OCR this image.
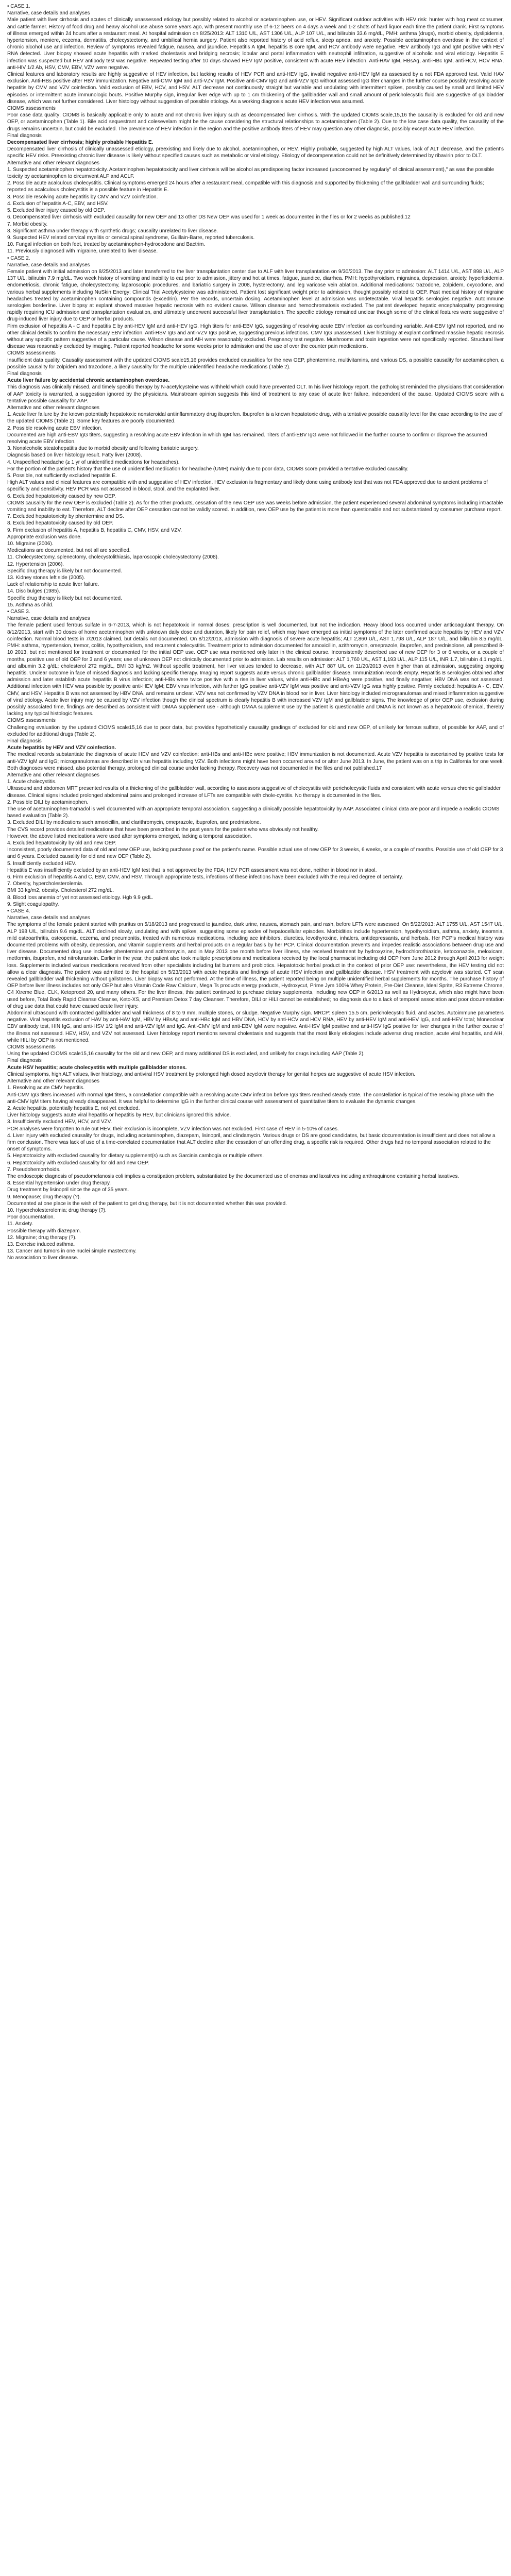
• CASE 1.

Narrative, case details and analyses

Male patient with liver cirrhosis and acutes of clinically unassessed etiology but possibly related to alcohol or acetaminophen use, or HEV. Significant outdoor activities with HEV risk: hunter with hog meat consumer, and cattle farmer. History of food drug and heavy alcohol use abuse some years ago, with present monthly use of 6-12 beers on 4 days a week and 1-2 shots of hard liquor each time the patient drank. First symptoms of illness emerged within 24 hours after a restaurant meal. At hospital admission on 8/25/2013: ALT 1310 U/L, AST 1306 U/L, ALP 107 U/L, and bilirubin 33.6 mg/dL, PMH: asthma (drugs), morbid obesity, dyslipidemia, hypertension, meniere, eczema, dermatitis, cholecystectomy, and umbilical hernia surgery. Patient also reported history of acid reflux, sleep apnea, and anxiety. Possible acetaminophen overdose in the context of chronic alcohol use and infection. Review of symptoms revealed fatigue, nausea, and jaundice. Hepatitis A IgM, hepatitis B core IgM, and HCV antibody were negative. HEV antibody IgG and IgM positive with HEV RNA detected. Liver biopsy showed acute hepatitis with marked cholestasis and bridging necrosis; lobular and portal inflammation with neutrophil infiltration, suggestive of alcoholic and viral etiology. Hepatitis E infection was suspected but HEV antibody test was negative. Repeated testing after 10 days showed HEV IgM positive, consistent with acute HEV infection. Anti-HAV IgM, HBsAg, anti-HBc IgM, anti-HCV, HCV RNA, anti-HIV 1/2 Ab, HSV, CMV, EBV, VZV were negative.

Clinical features and laboratory results are highly suggestive of HEV infection, but lacking results of HEV PCR and anti-HEV IgG, invalid negative anti-HEV IgM as assessed by a not FDA approved test. Valid HAV exclusion. Anti-HBs positive after HBV immunization. Negative anti-CMV IgM and anti-VZV IgM. Positive anti-CMV IgG and anti-VZV IgG without assessed IgG titer changes in the further course possibly resolving acute hepatitis by CMV and VZV coinfection. Valid exclusion of EBV, HCV, and HSV. ALT decrease not continuously straight but variable and undulating with intermittent spikes, possibly caused by small and limited HEV episodes or intermittent acute immunologic bouts. Positive Murphy sign, irregular liver edge with up to 1 cm thickening of the gallbladder wall and small amount of pericholecystic fluid are suggestive of gallbladder disease, which was not further considered. Liver histology without suggestion of possible etiology. As a working diagnosis acute HEV infection was assumed.

CIOMS assessments

Poor case data quality; CIOMS is basically applicable only to acute and not chronic liver injury such as decompensated liver cirrhosis. With the updated CIOMS scale,15,16 the causality is excluded for old and new OEP, or acetaminophen (Table 1). Bile acid sequestrant and colesevelam might be the cause considering the structural relationships to acetaminophen (Table 2). Due to the low case data quality, the causality of the drugs remains uncertain, but could be excluded. The prevalence of HEV infection in the region and the positive antibody titers of HEV may question any other diagnosis, possibly except acute HEV infection.

Final diagnosis

Decompensated liver cirrhosis; highly probable Hepatitis E.

Decompensated liver cirrhosis of clinically unassessed etiology, preexisting and likely due to alcohol, acetaminophen, or HEV. Highly probable, suggested by high ALT values, lack of ALT decrease, and the patient's specific HEV risks. Preexisting chronic liver disease is likely without specified causes such as metabolic or viral etiology. Etiology of decompensation could not be definitively determined by ribavirin prior to DLT.

Alternative and other relevant diagnoses

1. Suspected acetaminophen hepatotoxicity. Acetaminophen hepatotoxicity and liver cirrhosis will be alcohol as predisposing factor increased (unconcerned by regularly" of clinical assessment)," as was the possible toxicity by acetaminophen to circumvent ALF and ACLF.

2. Possible acute acalculous cholecystitis. Clinical symptoms emerged 24 hours after a restaurant meal, compatible with this diagnosis and supported by thickening of the gallbladder wall and surrounding fluids; reported as acalculous cholecystitis is a possible feature in Hepatitis E.

3. Possible resolving acute hepatitis by CMV and VZV coinfection.

4. Exclusion of hepatitis A-C, EBV, and HSV.

5. Excluded liver injury caused by old OEP.

6. Decompensated liver cirrhosis with excluded causality for new OEP and 13 other DS New OEP was used for 1 week as documented in the files or for 2 weeks as published.12

7. Morbid obesity.

8. Significant asthma under therapy with synthetic drugs; causality unrelated to liver disease.

9. Suspected HEV related cervical myelitis or cervical spinal syndrome, Guillain-Barre, reported tuberculosis.

10. Fungal infection on both feet, treated by acetaminophen-hydrocodone and Bactrim.

11. Previously diagnosed with migraine, unrelated to liver disease.

• CASE 2.

Narrative, case details and analyses

Female patient with initial admission on 8/25/2013 and later transferred to the liver transplantation center due to ALF with liver transplantation on 9/30/2013. The day prior to admission: ALT 1414 U/L, AST 898 U/L, ALP 137 U/L, bilirubin 7.9 mg/dL. Two week history of vomiting and inability to eat prior to admission, jittery and hot at times, fatigue, jaundice, diarrhea. PMH: hypothyroidism, migraines, depression, anxiety, hyperlipidemia, endometriosis, chronic fatigue, cholecystectomy, laparoscopic procedures, and bariatric surgery in 2008, hysterectomy, and leg varicose vein ablation. Additional medications: trazodone, zolpidem, oxycodone, and various herbal supplements including NuSkin Energy; Clinical Trial Acetylcysteine was administered. Patient lost significant weight prior to admission, thought possibly related to OEP. Past medical history of migraine headaches treated by acetaminophen containing compounds (Excedrin). Per the records, uncertain dosing. Acetaminophen level at admission was undetectable. Viral hepatitis serologies negative. Autoimmune serologies borderline. Liver biopsy at explant showed massive hepatic necrosis with no evident cause. Wilson disease and hemochromatosis excluded. The patient developed hepatic encephalopathy progressing rapidly requiring ICU admission and transplantation evaluation, and ultimately underwent successful liver transplantation. The specific etiology remained unclear though some of the clinical features were suggestive of drug-induced liver injury due to OEP or herbal products.

Firm exclusion of hepatitis A - C and hepatitis E by anti-HEV IgM and anti-HEV IgG. High titers for anti-EBV IgG, suggesting of resolving acute EBV infection as confounding variable. Anti-EBV IgM not reported, and no other clinical details to confirm the necessary EBV infection. Anti-HSV IgG and anti-VZV IgG positive, suggesting previous infections. CMV IgG unassessed. Liver histology at explant confirmed massive hepatic necrosis without any specific pattern suggestive of a particular cause. Wilson disease and AIH were reasonably excluded. Pregnancy test negative. Mushrooms and toxin ingestion were not specifically reported. Structural liver disease was reasonably excluded by imaging. Patient reported headache for some weeks prior to admission and the use of over the counter pain medications.

CIOMS assessments

Insufficient data quality. Causality assessment with the updated CIOMS scale15,16 provides excluded causalities for the new OEP, phentermine, multivitamins, and various DS, a possible causality for acetaminophen, a possible causality for zolpidem and trazodone, a likely causality for the multiple unidentified headache medications (Table 2).

Final diagnosis

Acute liver failure by accidental chronic acetaminophen overdose.

This diagnosis was clinically missed, and timely specific therapy by N-acetylcysteine was withheld which could have prevented OLT. In his liver histology report, the pathologist reminded the physicians that consideration of AAP toxicity is warranted, a suggestion ignored by the physicians. Mainstream opinion suggests this kind of treatment to any case of acute liver failure, independent of the cause. Updated CIOMS score with a tentative possible causality for AAP.

Alternative and other relevant diagnoses

1. Acute liver failure by the known potentially hepatotoxic nonsteroidal antiinflammatory drug ibuprofen. Ibuprofen is a known hepatotoxic drug, with a tentative possible causality level for the case according to the use of the updated CIOMS (Table 2). Some key features are poorly documented.

2. Possible resolving acute EBV infection.

Documented are high anti-EBV IgG titers, suggesting a resolving acute EBV infection in which IgM has remained. Titers of anti-EBV IgG were not followed in the further course to confirm or disprove the assumed resolving acute EBV infection.

3. Nonalcoholic steatohepatitis due to morbid obesity and following bariatric surgery.

Diagnosis based on liver histology result. Fatty liver (2008).

4. Unspecified headache (≥ 1 yr of unidentified medications for headaches).

For the portion of the patient's history that the use of unidentified medication for headache (UMH) mainly due to poor data, CIOMS score provided a tentative excluded causality.

5. Possible, not sufficiently excluded hepatitis E.

High ALT values and clinical features are compatible with and suggestive of HEV infection. HEV exclusion is fragmentary and likely done using antibody test that was not FDA approved due to ancient problems of specificity and sensitivity. HEV PCR was not assessed in blood, stool, and the explanted liver.

6. Excluded hepatotoxicity caused by new OEP.

CIOMS causality for the new OEP is excluded (Table 2). As for the other products, cessation of the new OEP use was weeks before admission, the patient experienced several abdominal symptoms including intractable vomiting and inability to eat. Therefore, ALT decline after OEP cessation cannot be validly scored. In addition, new OEP use by the patient is more than questionable and not substantiated by consumer purchase report.

7. Excluded hepatotoxicity by phentermine and DS.

8. Excluded hepatotoxicity caused by old OEP.

9. Firm exclusion of hepatitis A, hepatitis B, hepatitis C, CMV, HSV, and VZV.

Appropriate exclusion was done.

10. Migraine (2006).

Medications are documented, but not all are specified.

11. Cholecystectomy, splenectomy, cholecystolithiasis, laparoscopic cholecystectomy (2008).

12. Hypertension (2006).

Specific drug therapy is likely but not documented.

13. Kidney stones left side (2005).

Lack of relationship to acute liver failure.

14. Disc bulges (1985).

Specific drug therapy is likely but not documented.

15. Asthma as child.

• CASE 3.

Narrative, case details and analyses

The female patient used ferrous sulfate in 6-7-2013, which is not hepatotoxic in normal doses; prescription is well documented, but not the indication. Heavy blood loss occurred under anticoagulant therapy. On 8/12/2013, start with 30 doses of home acetaminophen with unknown daily dose and duration, likely for pain relief, which may have emerged as initial symptoms of the later confirmed acute hepatitis by HEV and VZV coinfection. Normal blood tests in 7/2013 claimed, but details not documented. On 8/12/2013, admission with diagnosis of severe acute hepatitis; ALT 2,860 U/L, AST 1,798 U/L, ALP 187 U/L, and bilirubin 8.5 mg/dL. PMH: asthma, hypertension, tremor, colitis, hypothyroidism, and recurrent cholecystitis. Treatment prior to admission documented for amoxicillin, azithromycin, omeprazole, ibuprofen, and prednisolone, all prescribed 8-10 2013, but not mentioned for treatment or documented for the initial OEP use. OEP use was mentioned only later in the clinical course. Inconsistently described use of new OEP for 3 or 6 weeks, or a couple of months, positive use of old OEP for 3 and 6 years; use of unknown OEP not clinically documented prior to admission. Lab results on admission: ALT 1,760 U/L, AST 1,193 U/L, ALP 115 U/L, INR 1.7, bilirubin 4.1 mg/dL, and albumin 3.2 g/dL; cholesterol 272 mg/dL, BMI 33 kg/m2. Without specific treatment, her liver values tended to decrease, with ALT 887 U/L on 11/20/2013 even higher than at admission, suggesting ongoing hepatitis. Unclear outcome in face of missed diagnosis and lacking specific therapy. Imaging report suggests acute versus chronic gallbladder disease. Immunization records empty. Hepatitis B serologies obtained after admission and later establish acute hepatitis B virus infection; anti-HBs were twice positive with a rise in liver values, while anti-HBc and HBeAg were positive, and finally negative; HBV DNA was not assessed. Additional infection with HEV was possible by positive anti-HEV IgM; EBV virus infection, with further IgG positive anti-VZV IgM was positive and anti-VZV IgG was highly positive. Firmly excluded: hepatitis A - C, EBV, CMV, and HSV. Hepatitis B was not assessed by HBV DNA, and remains unclear. VZV was not confirmed by VZV DNA in blood nor in liver. Liver histology included microgranulomas and mixed inflammation suggestive of viral etiology. Acute liver injury may be caused by VZV infection though the clinical spectrum is clearly hepatitis B with increased VZV IgM and gallbladder signs. The knowledge of prior OEP use, exclusion during possibly associated time, findings are described as consistent with DMAA supplement use - although DMAA supplement use by the patient is questionable and DMAA is not known as a hepatotoxic chemical, thereby lacking any typical histologic features.

CIOMS assessments

Challenging evaluation by the updated CIOMS scale15,16 due to poor data, but provides hypothetically causality gradings of excluded for old and new OEP, of unlikely for ferrous sulfate, of possible for AAP, and of excluded for additional drugs (Table 2).

Final diagnosis

Acute hepatitis by HEV and VZV coinfection.

The medical records substantiate the diagnosis of acute HEV and VZV coinfection: anti-HBs and anti-HBc were positive; HBV immunization is not documented. Acute VZV hepatitis is ascertained by positive tests for anti-VZV IgM and IgG; microgranulomas are described in virus hepatitis including VZV. Both infections might have been occurred around or after June 2013. In June, the patient was on a trip in California for one week. Both diagnoses were missed, also potential therapy, prolonged clinical course under lacking therapy. Recovery was not documented in the files and not published.17

Alternative and other relevant diagnoses

1. Acute cholecystitis.

Ultrasound and abdomen MRT presented results of a thickening of the gallbladder wall, according to assessors suggestive of cholecystitis with pericholecystic fluids and consistent with acute versus chronic gallbladder disease. Clinical signs included prolonged abdominal pains and prolonged increase of LFTs are compatible with chole-cystitis. No therapy is documented in the files.

2. Possible DILI by acetaminophen.

The use of acetaminophen-tramadol is well documented with an appropriate temporal association, suggesting a clinically possible hepatotoxicity by AAP. Associated clinical data are poor and impede a realistic CIOMS based evaluation (Table 2).

3. Excluded DILI by medications such amoxicillin, and clarithromycin, omeprazole, ibuprofen, and prednisolone.

The CVS record provides detailed medications that have been prescribed in the past years for the patient who was obviously not healthy.

However, the above listed medications were used after symptoms emerged, lacking a temporal association.

4. Excluded hepatotoxicity by old and new OEP.

Inconsistent, poorly documented data of old and new OEP use, lacking purchase proof on the patient's name. Possible actual use of new OEP for 3 weeks, 6 weeks, or a couple of months. Possible use of old OEP for 3 and 6 years. Excluded causality for old and new OEP (Table 2).

5. Insufficiently excluded HEV.

Hepatitis E was insufficiently excluded by an anti-HEV IgM test that is not approved by the FDA; HEV PCR assessment was not done, neither in blood nor in stool.

6. Firm exclusion of hepatitis A and C, EBV, CMV, and HSV. Through appropriate tests, infections of these infections have been excluded with the required degree of certainty.

7. Obesity, hypercholesterolemia.

BMI 33 kg/m2, obesity. Cholesterol 272 mg/dL.

8. Blood loss anemia of yet not assessed etiology. Hgb 9.9 g/dL.

9. Slight coagulopathy.

• CASE 4.

Narrative, case details and analyses

The symptoms of the female patient started with pruritus on 5/18/2013 and progressed to jaundice, dark urine, nausea, stomach pain, and rash, before LFTs were assessed. On 5/22/2013: ALT 1755 U/L, AST 1547 U/L, ALP 198 U/L, bilirubin 9.6 mg/dL. ALT declined slowly, undulating and with spikes, suggesting some episodes of hepatocellular episodes. Morbidities include hypertension, hypothyroidism, asthma, anxiety, insomnia, mild osteoarthritis, osteopenia, eczema, and pneumonitis, treated with numerous medications, including ace inhibitors, diuretics, levothyroxine, inhalers, antidepressants, and herbals. Her PCP's medical history was documented problems with obesity, depression, and vitamin supplements and herbal products on a regular basis by her PCP. Clinical documentation prevents and impedes realistic associations between drug use and liver disease. Documented drug use includes phentermine and azithromycin, and in May 2013 one month before liver illness, she received treatment by hydroxyzine, hydrochlorothiazide, ketoconazole, meloxicam, metformin, ibuprofen, and nitrofurantoin. Earlier in the year, the patient also took multiple prescriptions and medications received by the local pharmacist including old OEP from June 2012 through April 2013 for weight loss. Supplements included various medications received from other specialists including fat burners and probiotics. Hepatotoxic herbal product in the context of prior OEP use: nevertheless, the HEV testing did not allow a clear diagnosis. The patient was admitted to the hospital on 5/23/2013 with acute hepatitis and findings of acute HSV infection and gallbladder disease. HSV treatment with acyclovir was started. CT scan revealed gallbladder wall thickening without gallstones. Liver biopsy was not performed. At the time of illness, the patient reported being on multiple unidentified herbal supplements for months. The purchase history of OEP before liver illness includes not only OEP but also Vitamin Code Raw Calcium, Mega Ts products energy products, Hydroxycut, Prime Jym 100% Whey Protein, Pre-Diet Cleanse, Ideal Sprite, R3 Extreme Chrome, C4 Xtreme Blue, CLK, Ketoprocel 20, and many others. For the liver illness, this patient continued to purchase dietary supplements, including new OEP in 6/2013 as well as Hydroxycut, which also might have been used before, Total Body Rapid Cleanse Cleanse, Keto-XS, and Premium Detox 7 day Cleanser. Therefore, DILI or HILI cannot be established; no diagnosis due to a lack of temporal association and poor documentation of drug use data that could have caused acute liver injury.

Abdominal ultrasound with contracted gallbladder and wall thickness of 8 to 9 mm, multiple stones, or sludge. Negative Murphy sign. MRCP: spleen 15.5 cm, pericholecystic fluid, and ascites. Autoimmune parameters negative. Viral hepatitis exclusion of HAV by anti-HAV IgM, HBV by HBsAg and anti-HBc IgM and HBV DNA, HCV by anti-HCV and HCV RNA, HEV by anti-HEV IgM and anti-HEV IgG, and anti-HEV total; Moneoclear EBV antibody test, HIN IgG, and anti-HSV 1/2 IgM and anti-VZV IgM and IgG. Anti-CMV IgM and anti-EBV IgM were negative. Anti-HSV IgM positive and anti-HSV IgG positive for liver changes in the further course of the illness not assessed. HEV, HSV, and VZV not assessed. Liver histology report mentions several cholestasis and suggests that the most likely etiologies include adverse drug reaction, acute viral hepatitis, and AIH, while HILI by OEP is not mentioned.

CIOMS assessments

Using the updated CIOMS scale15,16 causality for the old and new OEP, and many additional DS is excluded, and unlikely for drugs including AAP (Table 2).

Final diagnosis

Acute HSV hepatitis; acute cholecystitis with multiple gallbladder stones.

Clinical symptoms, high ALT values, liver histology, and antiviral HSV treatment by prolonged high dosed acyclovir therapy for genital herpes are suggestive of acute HSV infection.

Alternative and other relevant diagnoses

1. Resolving acute CMV hepatitis.

Anti-CMV IgG titers increased with normal IgM titers, a constellation compatible with a resolving acute CMV infection before IgG titers reached steady state. The constellation is typical of the resolving phase with the anti-CMV IgM titers having already disappeared. It was helpful to determine IgG in the further clinical course with assessment of quantitative titers to evaluate the dynamic changes.

2. Acute hepatitis, potentially hepatitis E, not yet excluded.

Liver histology suggests acute viral hepatitis or hepatitis by HEV, but clinicians ignored this advice.

3. Insufficiently excluded HEV, HCV, and VZV.

PCR analyses were forgotten to rule out HEV, their exclusion is incomplete, VZV infection was not excluded. First case of HEV in 5-10% of cases.

4. Liver injury with excluded causality for drugs, including acetaminophen, diazepam, lisinopril, and clindamycin. Various drugs or DS are good candidates, but basic documentation is insufficient and does not allow a firm conclusion. There was lack of use of a time-correlated documentation that ALT decline after the cessation of an offending drug, a specific risk is required. Other drugs had no temporal association related to the onset of symptoms.

5. Hepatotoxicity with excluded causality for dietary supplement(s) such as Garcinia cambogia or multiple others.

6. Hepatotoxicity with excluded causality for old and new OEP.

7. Pseudohemorrhoids.

The endoscopic diagnosis of pseudomelanosis coli implies a constipation problem, substantiated by the documented use of enemas and laxatives including anthraquinone containing herbal laxatives.

8. Essential hypertension under drug therapy.

Drug treatment by lisinopril since the age of 35 years.

9. Menopause; drug therapy (?).

Documented at one place is the wish of the patient to get drug therapy, but it is not documented whether this was provided.

10. Hypercholesterolemia; drug therapy (?).

Poor documentation.

11. Anxiety.

Possible therapy with diazepam.

12. Migraine; drug therapy (?).

13. Exercise induced asthma.

13. Cancer and tumors in one nuclei simple mastectomy.

No association to liver disease.
